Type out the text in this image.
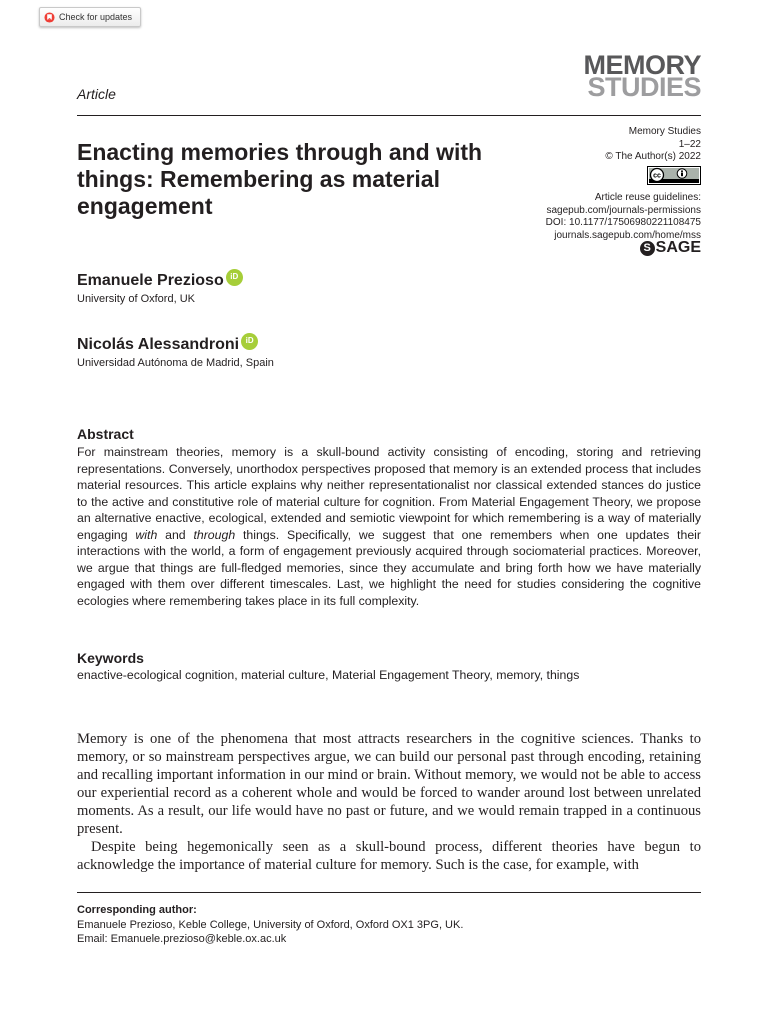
Check for updates
Article
MEMORY
STUDIES
Enacting memories through and with things: Remembering as material engagement
Memory Studies
1–22
© The Author(s) 2022
cc
Article reuse guidelines:
sagepub.com/journals-permissions
DOI: 10.1177/17506980221108475
journals.sagepub.com/home/mss
S SAGE
Emanuele Prezioso iD
University of Oxford, UK
Nicolás Alessandroni iD
Universidad Autónoma de Madrid, Spain
Abstract

For mainstream theories, memory is a skull-bound activity consisting of encoding, storing and retrieving representations. Conversely, unorthodox perspectives proposed that memory is an extended process that includes material resources. This article explains why neither representationalist nor classical extended stances do justice to the active and constitutive role of material culture for cognition. From Material Engagement Theory, we propose an alternative enactive, ecological, extended and semiotic viewpoint for which remembering is a way of materially engaging with and through things. Specifically, we suggest that one remembers when one updates their interactions with the world, a form of engagement previously acquired through sociomaterial practices. Moreover, we argue that things are full-fledged memories, since they accumulate and bring forth how we have materially engaged with them over different timescales. Last, we highlight the need for studies considering the cognitive ecologies where remembering takes place in its full complexity.

Keywords
enactive-ecological cognition, material culture, Material Engagement Theory, memory, things

Memory is one of the phenomena that most attracts researchers in the cognitive sciences. Thanks to memory, or so mainstream perspectives argue, we can build our personal past through encoding, retaining and recalling important information in our mind or brain. Without memory, we would not be able to access our experiential record as a coherent whole and would be forced to wander around lost between unrelated moments. As a result, our life would have no past or future, and we would remain trapped in a continuous present.

Despite being hegemonically seen as a skull-bound process, different theories have begun to acknowledge the importance of material culture for memory. Such is the case, for example, with

Corresponding author:
Emanuele Prezioso, Keble College, University of Oxford, Oxford OX1 3PG, UK.
Email: Emanuele.prezioso@keble.ox.ac.uk
